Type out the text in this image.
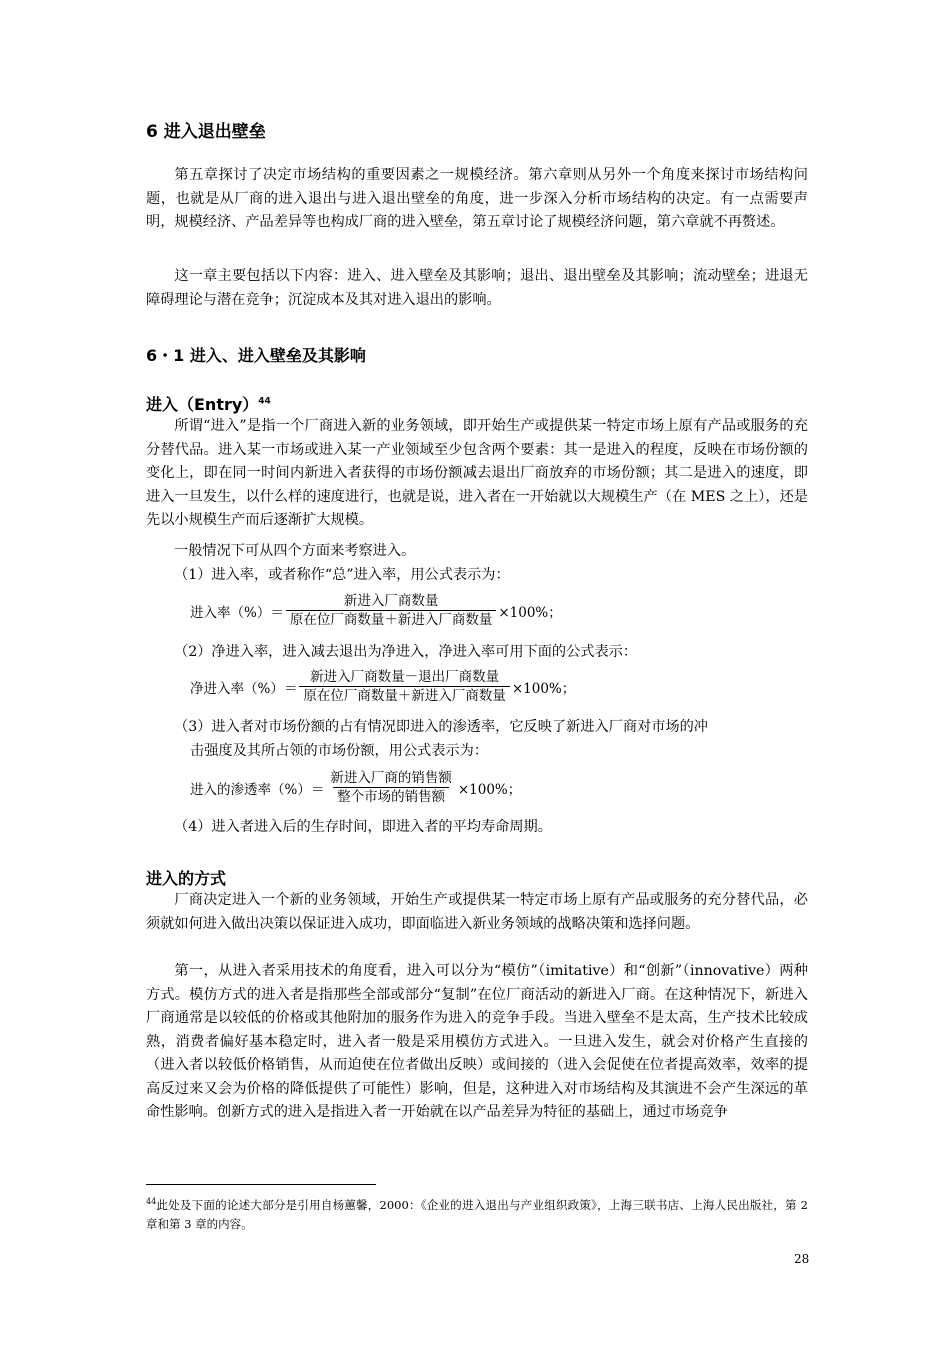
6 进入退出壁垒

第五章探讨了决定市场结构的重要因素之一规模经济。第六章则从另外一个角度来探讨市场结构问题，也就是从厂商的进入退出与进入退出壁垒的角度，进一步深入分析市场结构的决定。有一点需要声明，规模经济、产品差异等也构成厂商的进入壁垒，第五章讨论了规模经济问题，第六章就不再赘述。

这一章主要包括以下内容：进入、进入壁垒及其影响；退出、退出壁垒及其影响；流动壁垒；进退无障碍理论与潜在竞争；沉淀成本及其对进入退出的影响。

6・1 进入、进入壁垒及其影响
进入（Entry）$^{44}$

所谓“进入”是指一个厂商进入新的业务领域，即开始生产或提供某一特定市场上原有产品或服务的充分替代品。进入某一市场或进入某一产业领域至少包含两个要素：其一是进入的程度，反映在市场份额的变化上，即在同一时间内新进入者获得的市场份额减去退出厂商放弃的市场份额；其二是进入的速度，即进入一旦发生，以什么样的速度进行，也就是说，进入者在一开始就以大规模生产（在 MES 之上），还是先以小规模生产而后逐渐扩大规模。

一般情况下可从四个方面来考察进入。

（1）进入率，或者称作“总”进入率，用公式表示为：

进入率（%）＝ $\frac{\text{新进入厂商数量}}{\text{原在位厂商数量＋新进入厂商数量}} \times 100\%$；

（2）净进入率，进入减去退出为净进入，净进入率可用下面的公式表示：

净进入率（%）＝ $\frac{\text{新进入厂商数量－退出厂商数量}}{\text{原在位厂商数量＋新进入厂商数量}} \times 100\%$；

（3）进入者对市场份额的占有情况即进入的渗透率，它反映了新进入厂商对市场的冲

击强度及其所占领的市场份额，用公式表示为：

进入的渗透率（%）＝ $\frac{\text{新进入厂商的销售额}}{\text{整个市场的销售额}} \times 100\%$；

（4）进入者进入后的生存时间，即进入者的平均寿命周期。

进入的方式

厂商决定进入一个新的业务领域，开始生产或提供某一特定市场上原有产品或服务的充分替代品，必须就如何进入做出决策以保证进入成功，即面临进入新业务领域的战略决策和选择问题。

第一，从进入者采用技术的角度看，进入可以分为“模仿”（imitative）和“创新”（innovative）两种方式。模仿方式的进入者是指那些全部或部分“复制”在位厂商活动的新进入厂商。在这种情况下，新进入厂商通常是以较低的价格或其他附加的服务作为进入的竞争手段。当进入壁垒不是太高，生产技术比较成熟，消费者偏好基本稳定时，进入者一般是采用模仿方式进入。一旦进入发生，就会对价格产生直接的（进入者以较低价格销售，从而迫使在位者做出反映）或间接的（进入会促使在位者提高效率，效率的提高反过来又会为价格的降低提供了可能性）影响，但是，这种进入对市场结构及其演进不会产生深远的革命性影响。创新方式的进入是指进入者一开始就在以产品差异为特征的基础上，通过市场竞争

$^{44}$此处及下面的论述大部分是引用自杨蕙馨，2000：《企业的进入退出与产业组织政策》，上海三联书店、上海人民出版社，第 2 章和第 3 章的内容。

28
